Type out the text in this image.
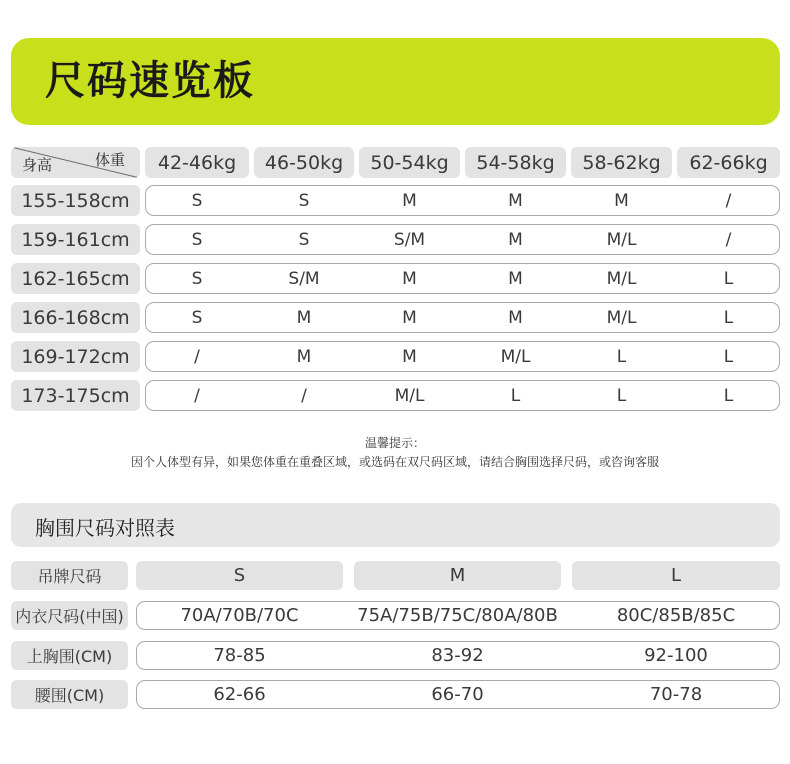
尺码速览板
身高	体重	42-46kg	46-50kg	50-54kg	54-58kg	58-62kg	62-66kg
155-158cm	S	S	M	M	M	/
159-161cm	S	S	S/M	M	M/L	/
162-165cm	S	S/M	M	M	M/L	L
166-168cm	S	M	M	M	M/L	L
169-172cm	/	M	M	M/L	L	L
173-175cm	/	/	M/L	L	L	L
温馨提示：
因个人体型有异，如果您体重在重叠区域，或选码在双尺码区域，请结合胸围选择尺码，或咨询客服
胸围尺码对照表
吊牌尺码	S	M	L
内衣尺码(中国)	70A/70B/70C	75A/75B/75C/80A/80B	80C/85B/85C
上胸围(CM)	78-85	83-92	92-100
腰围(CM)	62-66	66-70	70-78
